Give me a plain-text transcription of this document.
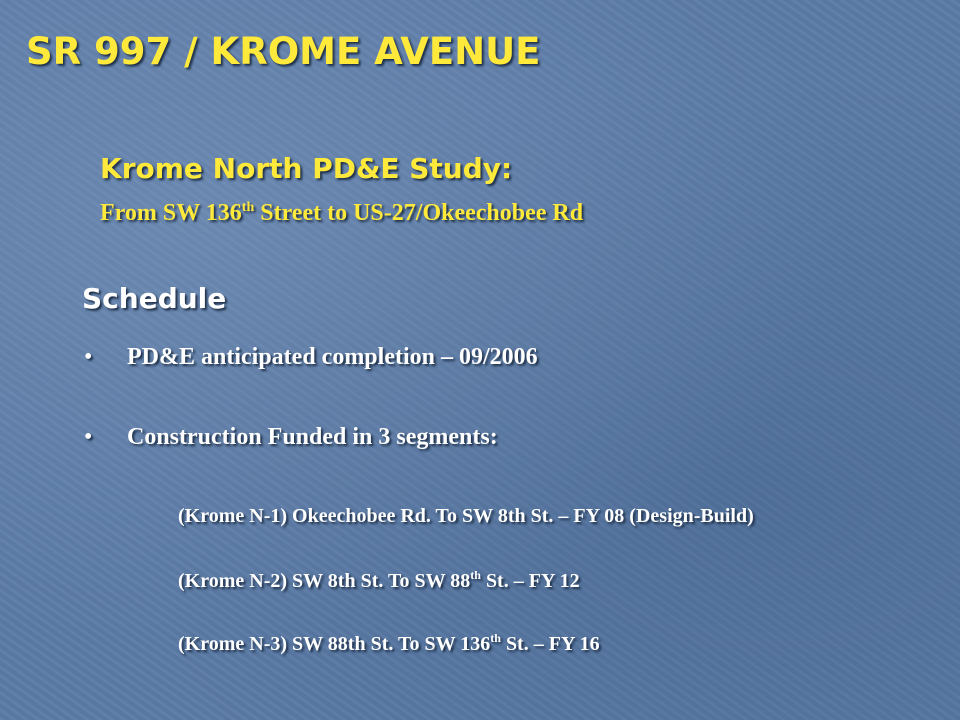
SR 997 / KROME AVENUE
Krome North PD&E Study:
From SW 136th Street to US-27/Okeechobee Rd
Schedule
• PD&E anticipated completion – 09/2006
• Construction Funded in 3 segments:
(Krome N-1) Okeechobee Rd. To SW 8th St. – FY 08 (Design-Build)
(Krome N-2) SW 8th St. To SW 88th St. – FY 12
(Krome N-3) SW 88th St. To SW 136th St. – FY 16
